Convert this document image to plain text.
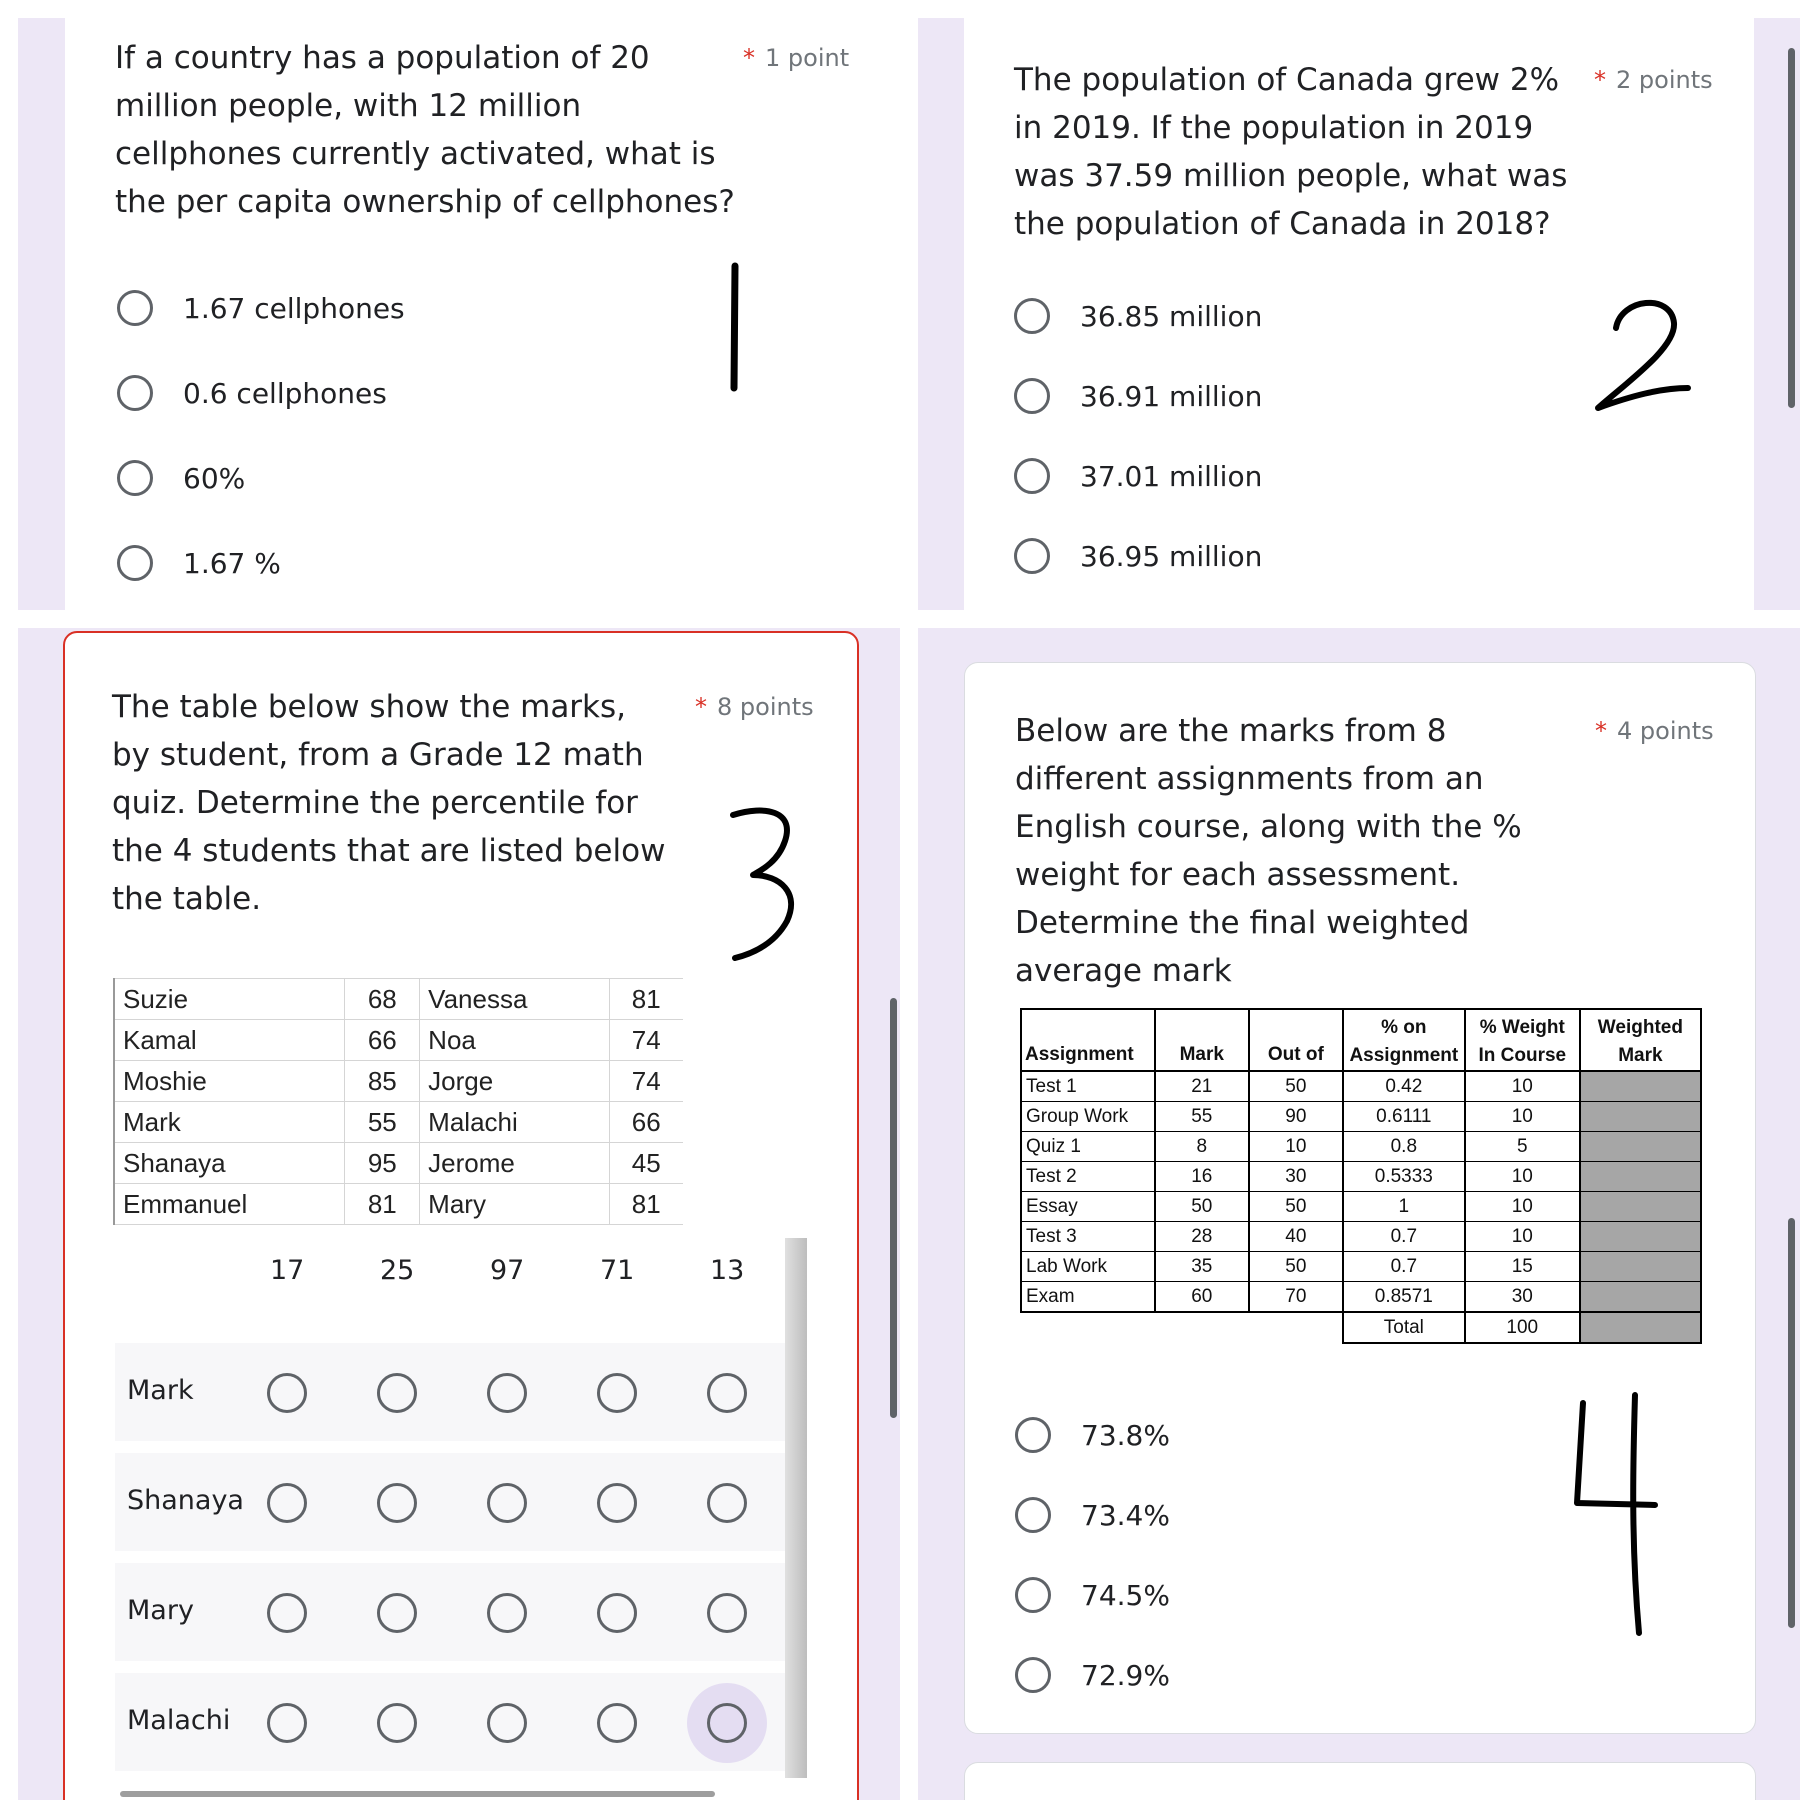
If a country has a population of 20 million people, with 12 million cellphones currently activated, what is the per capita ownership of cellphones?
* 1 point
1.67 cellphones
0.6 cellphones
60%
1.67 %
The population of Canada grew 2% in 2019. If the population in 2019 was 37.59 million people, what was the population of Canada in 2018?
* 2 points
36.85 million
36.91 million
37.01 million
36.95 million
The table below show the marks, by student, from a Grade 12 math quiz. Determine the percentile for the 4 students that are listed below the table.
* 8 points
Suzie	68	Vanessa	81
Kamal	66	Noa	74
Moshie	85	Jorge	74
Mark	55	Malachi	66
Shanaya	95	Jerome	45
Emmanuel	81	Mary	81
17	25	97	71	13
Mark
Shanaya
Mary
Malachi
Below are the marks from 8 different assignments from an English course, along with the % weight for each assessment. Determine the final weighted average mark
* 4 points
Assignment	Mark	Out of	% on Assignment	% Weight In Course	Weighted Mark
Test 1	21	50	0.42	10	
Group Work	55	90	0.6111	10	
Quiz 1	8	10	0.8	5	
Test 2	16	30	0.5333	10	
Essay	50	50	1	10	
Test 3	28	40	0.7	10	
Lab Work	35	50	0.7	15	
Exam	60	70	0.8571	30	
			Total	100	
73.8%
73.4%
74.5%
72.9%
